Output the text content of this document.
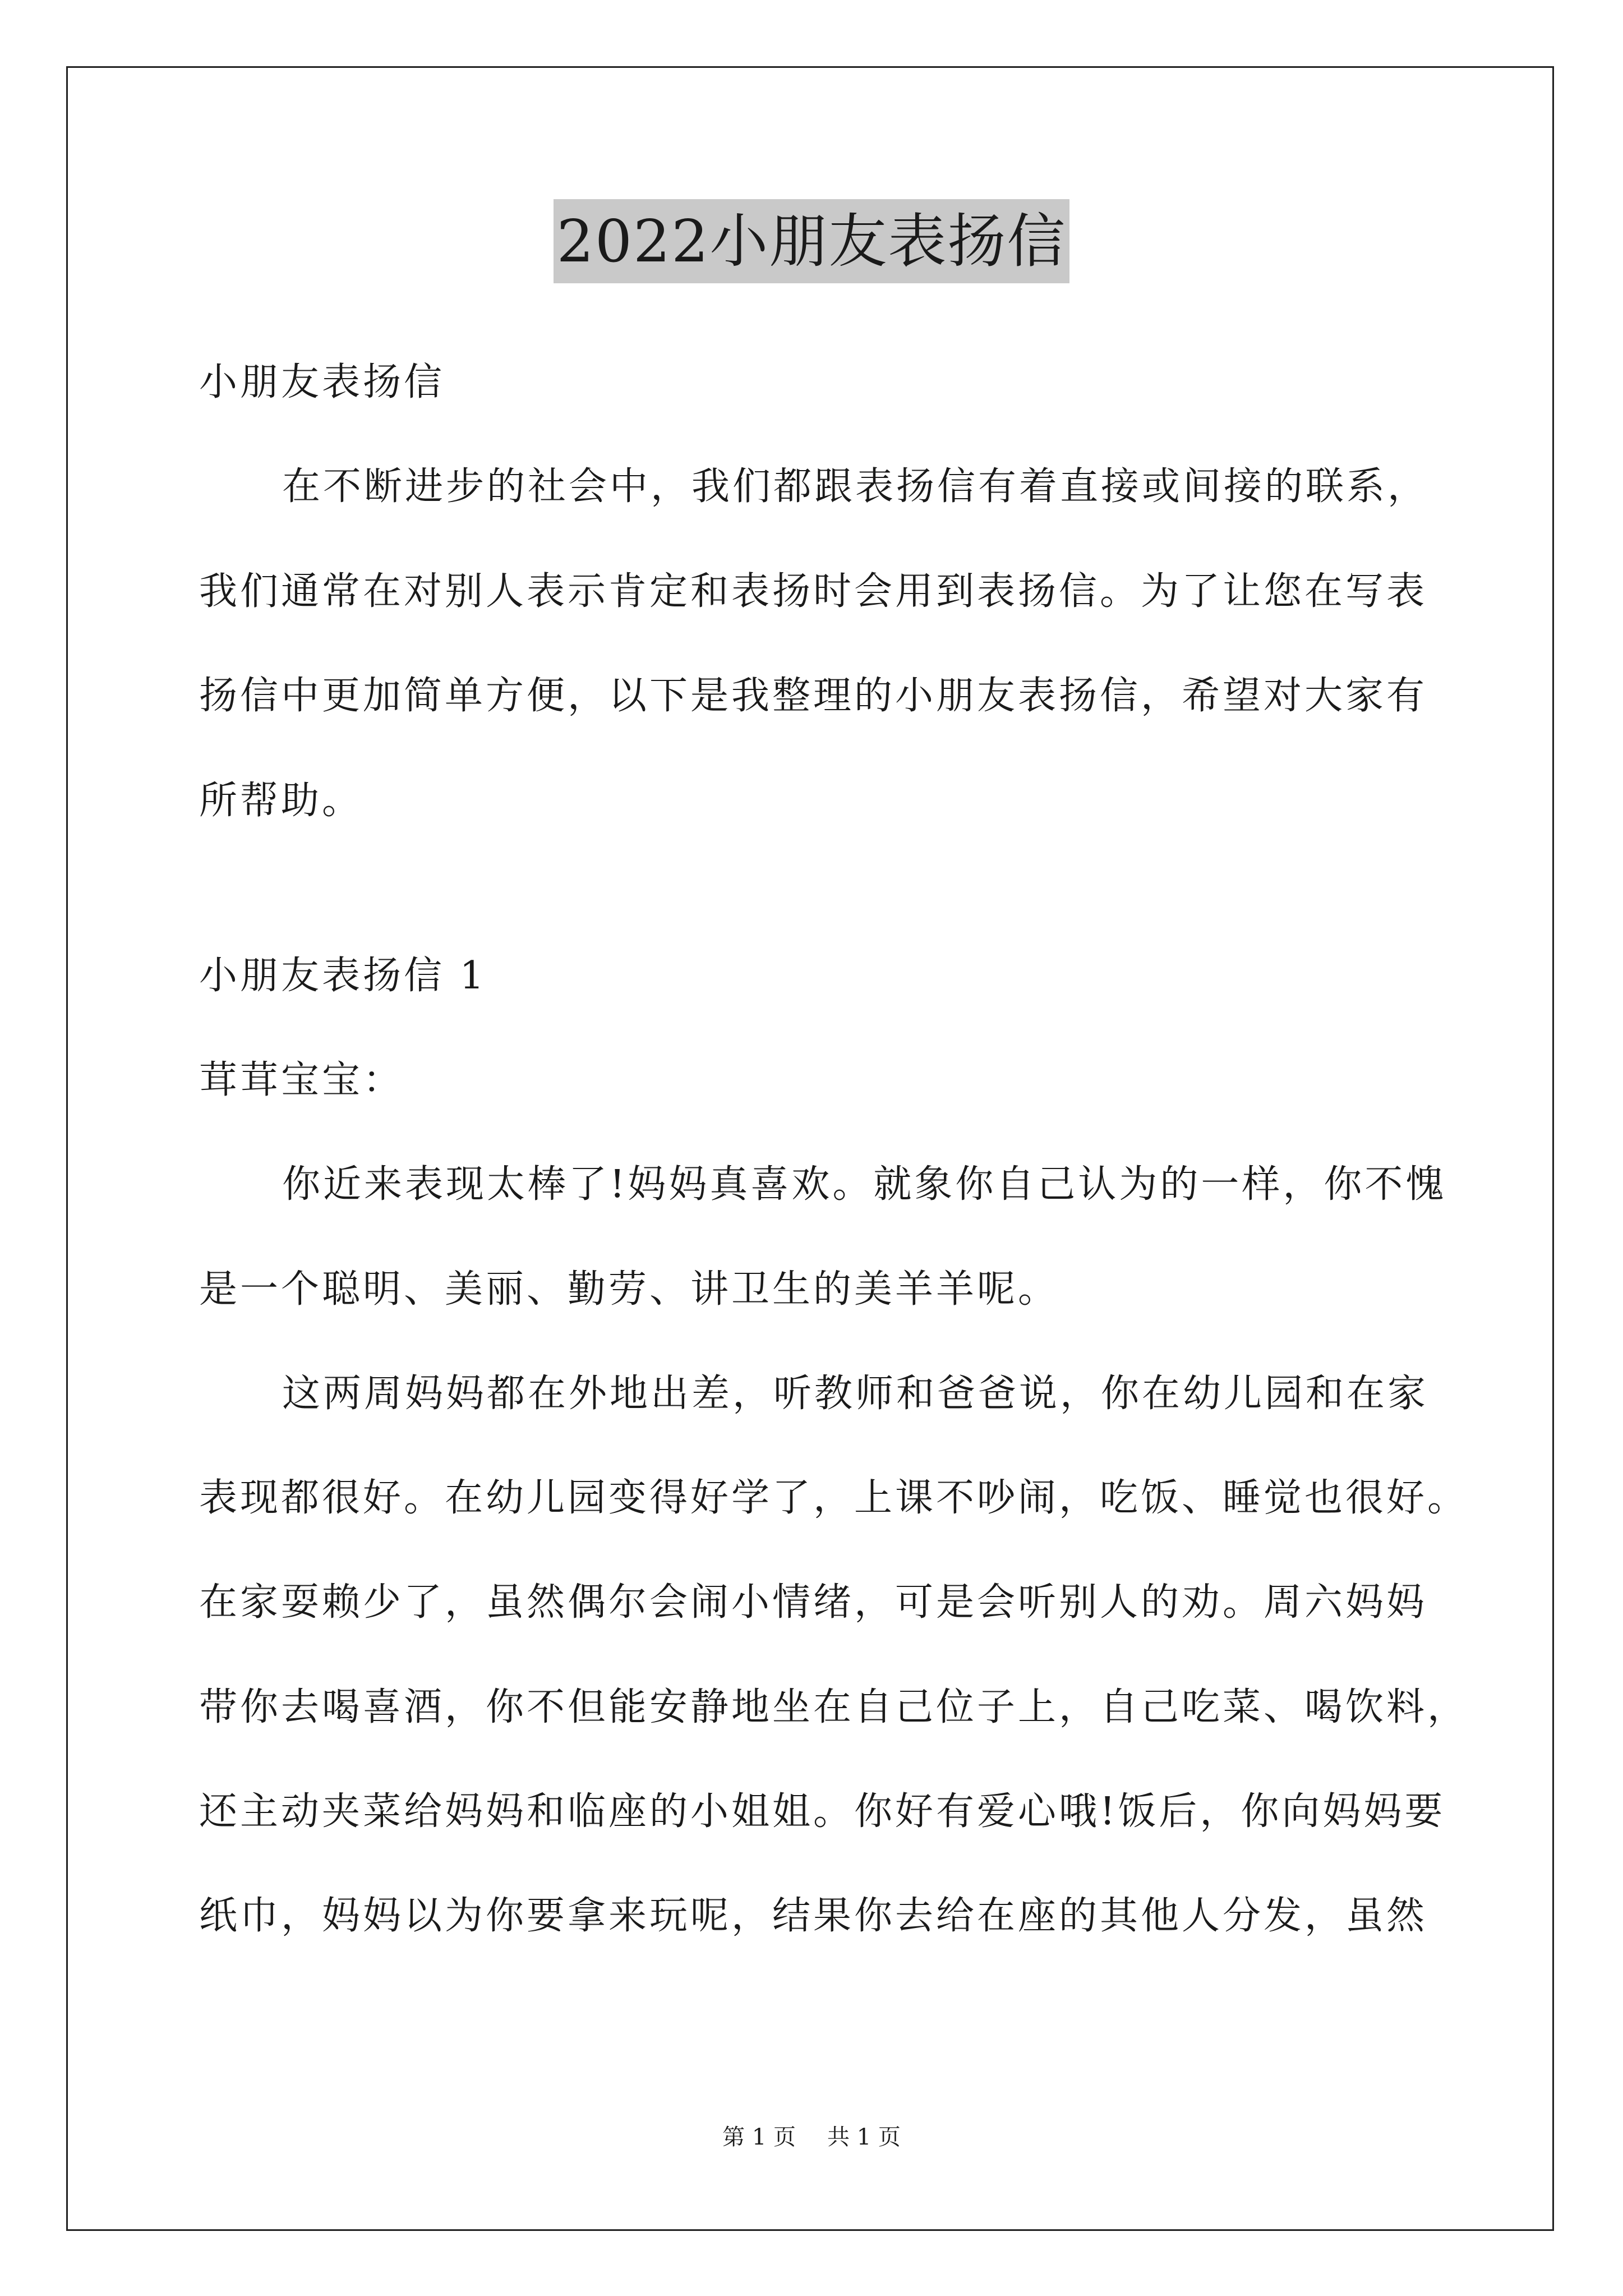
2022小朋友表扬信
小朋友表扬信
在不断进步的社会中，我们都跟表扬信有着直接或间接的联系，
我们通常在对别人表示肯定和表扬时会用到表扬信。为了让您在写表
扬信中更加简单方便，以下是我整理的小朋友表扬信，希望对大家有
所帮助。
小朋友表扬信 1
茸茸宝宝：
你近来表现太棒了!妈妈真喜欢。就象你自己认为的一样，你不愧
是一个聪明、美丽、勤劳、讲卫生的美羊羊呢。
这两周妈妈都在外地出差，听教师和爸爸说，你在幼儿园和在家
表现都很好。在幼儿园变得好学了，上课不吵闹，吃饭、睡觉也很好。
在家耍赖少了，虽然偶尔会闹小情绪，可是会听别人的劝。周六妈妈
带你去喝喜酒，你不但能安静地坐在自己位子上，自己吃菜、喝饮料，
还主动夹菜给妈妈和临座的小姐姐。你好有爱心哦!饭后，你向妈妈要
纸巾，妈妈以为你要拿来玩呢，结果你去给在座的其他人分发，虽然
第 1 页 共 1 页
